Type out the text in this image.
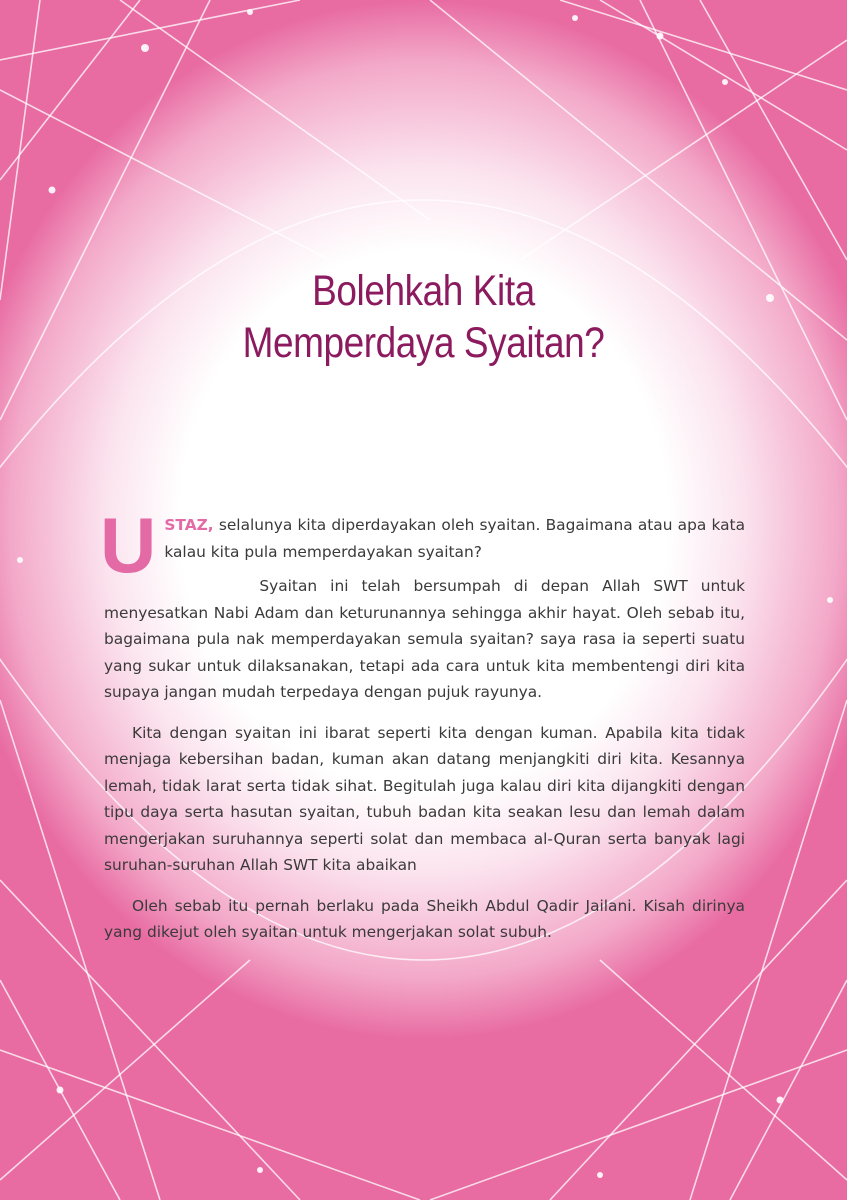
Bolehkah Kita
Memperdaya Syaitan?

USTAZ, selalunya kita diperdayakan oleh syaitan. Bagaimana atau apa kata kalau kita pula memperdayakan syaitan?

Syaitan ini telah bersumpah di depan Allah SWT untuk menyesatkan Nabi Adam dan keturunannya sehingga akhir hayat. Oleh sebab itu, bagaimana pula nak memperdayakan semula syaitan? saya rasa ia seperti suatu yang sukar untuk dilaksanakan, tetapi ada cara untuk kita membentengi diri kita supaya jangan mudah terpedaya dengan pujuk rayunya.

Kita dengan syaitan ini ibarat seperti kita dengan kuman. Apabila kita tidak menjaga kebersihan badan, kuman akan datang menjangkiti diri kita. Kesannya lemah, tidak larat serta tidak sihat. Begitulah juga kalau diri kita dijangkiti dengan tipu daya serta hasutan syaitan, tubuh badan kita seakan lesu dan lemah dalam mengerjakan suruhannya seperti solat dan membaca al-Quran serta banyak lagi suruhan-suruhan Allah SWT kita abaikan

Oleh sebab itu pernah berlaku pada Sheikh Abdul Qadir Jailani. Kisah dirinya yang dikejut oleh syaitan untuk mengerjakan solat subuh.
